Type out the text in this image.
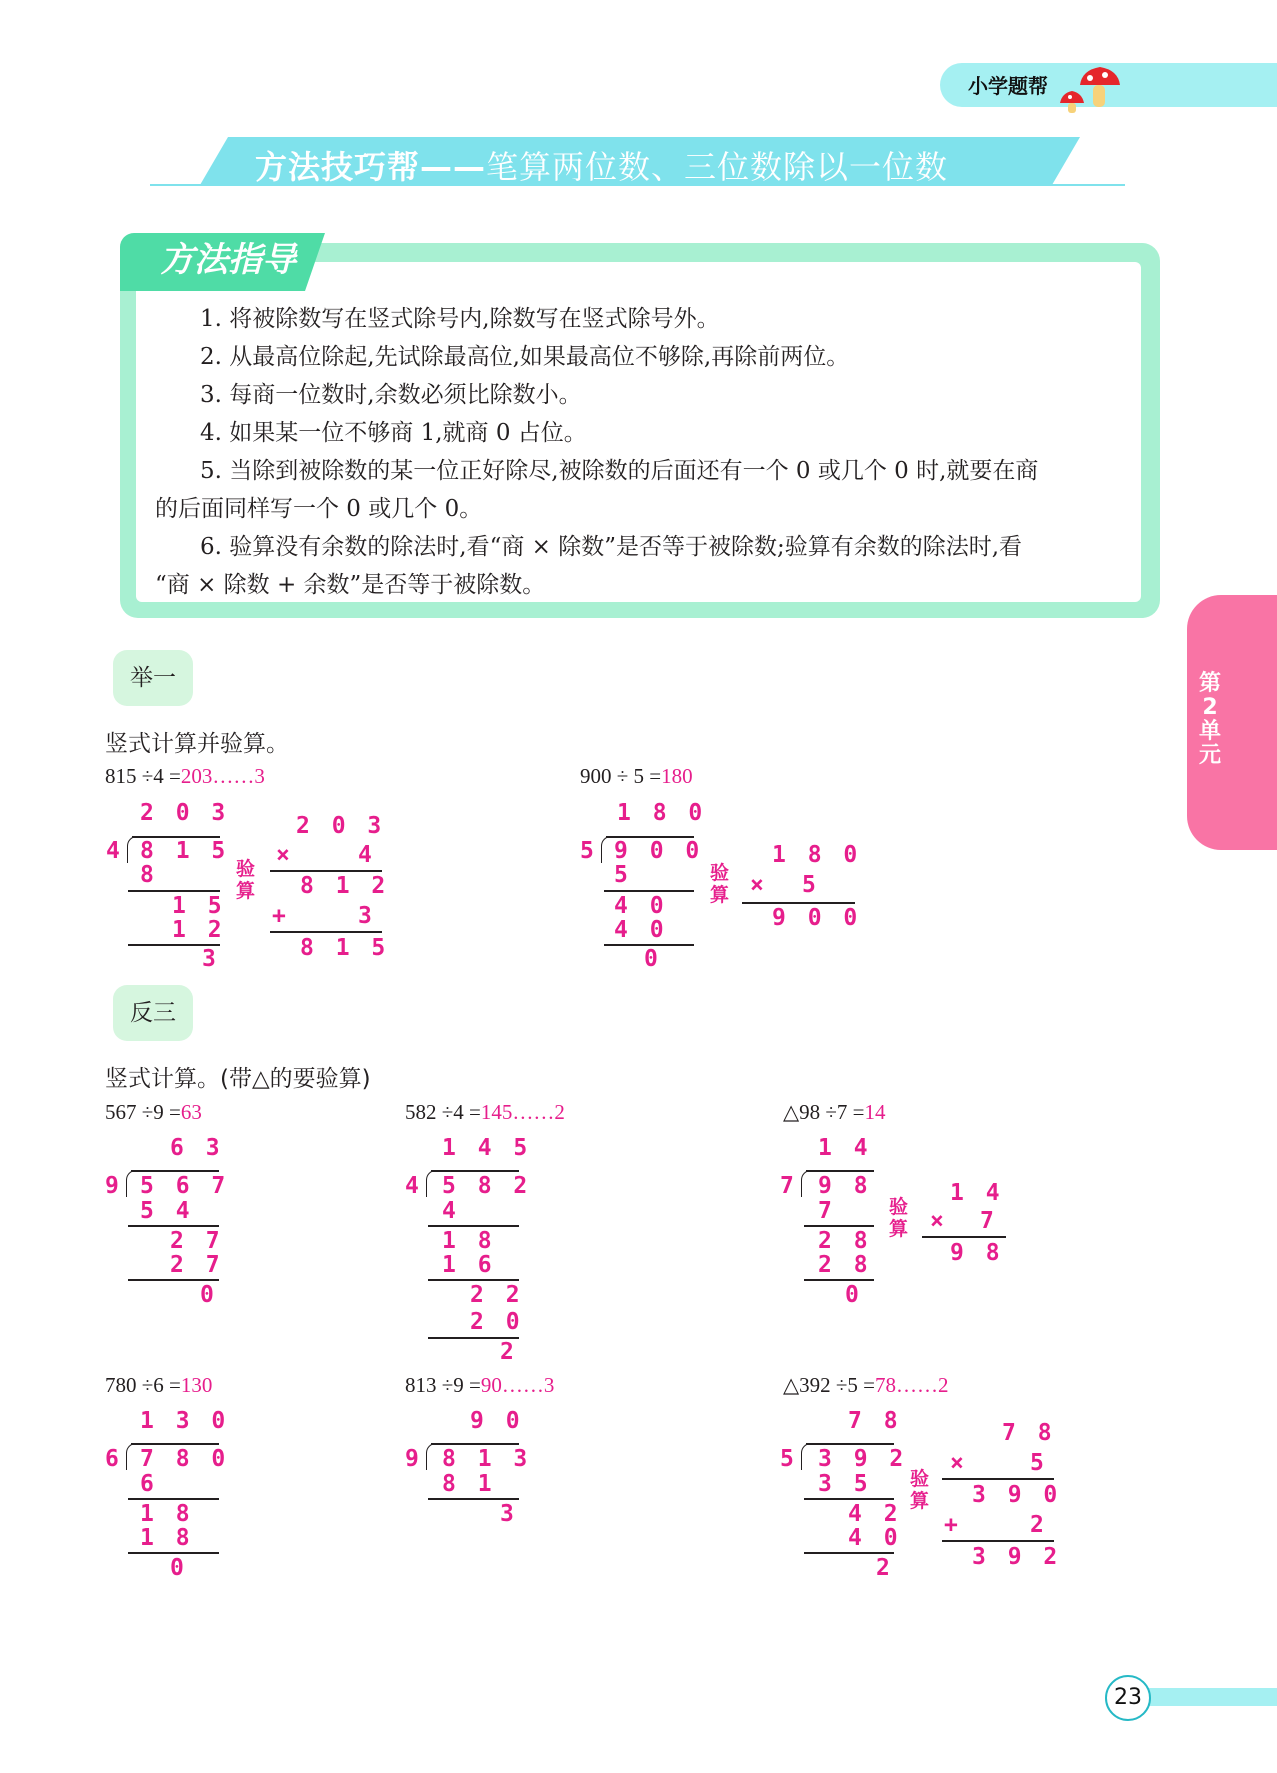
小学题帮
方法技巧帮——笔算两位数、三位数除以一位数
方法指导
1. 将被除数写在竖式除号内,除数写在竖式除号外。
2. 从最高位除起,先试除最高位,如果最高位不够除,再除前两位。
3. 每商一位数时,余数必须比除数小。
4. 如果某一位不够商 1,就商 0 占位。
5. 当除到被除数的某一位正好除尽,被除数的后面还有一个 0 或几个 0 时,就要在商
的后面同样写一个 0 或几个 0。
6. 验算没有余数的除法时,看“商 × 除数”是否等于被除数;验算有余数的除法时,看
“商 × 除数 + 余数”是否等于被除数。
第
2
单
元
举一
竖式计算并验算。
815 ÷4 =203……3	900 ÷ 5 =180
反三
竖式计算。(带△的要验算)
567 ÷9 =63	582 ÷4 =145……2	△98 ÷7 =14
780 ÷6 =130	813 ÷9 =90……3	△392 ÷5 =78……2
2 0 3
4 8 1 5
8
1 5
1 2
3
验
算
2 0 3
×	4
8 1 2
+	3
8 1 5
1 8 0
5 9 0 0
5
4 0
4 0
0
验
算
1 8 0
× 5
9 0 0
6 3
9 5 6 7
5 4
2 7
2 7
0
1 4 5
4 5 8 2
4
1 8
1 6
2 2
2 0
2
1 4
7 9 8
7
2 8
2 8
0
验
算
1 4
× 7
9 8
1 3 0
6 7 8 0
6
1 8
1 8
0
9 0
9 8 1 3
8 1
3
7 8
5 3 9 2
3 5
4 2
4 0
2
验
算
7 8
×	5
3 9 0
+	2
3 9 2
23
